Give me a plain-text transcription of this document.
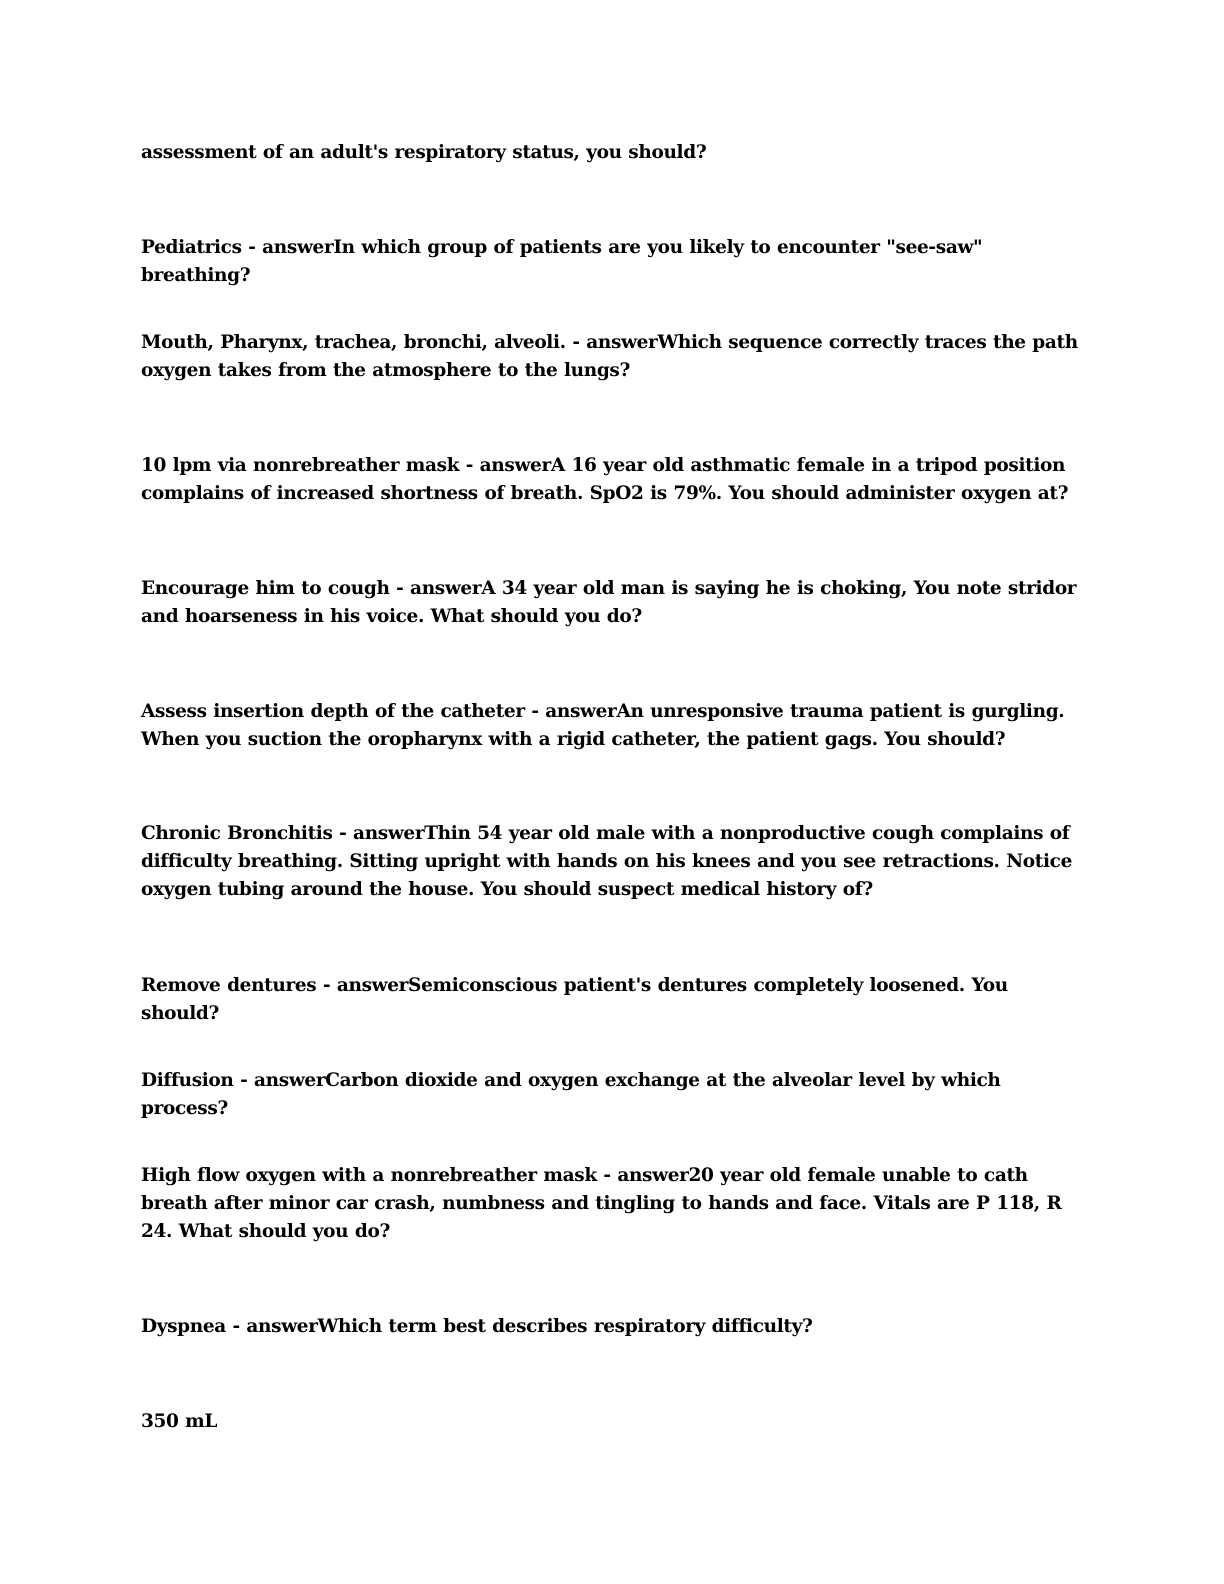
assessment of an adult's respiratory status, you should?

Pediatrics - answerIn which group of patients are you likely to encounter "see-saw" breathing?

Mouth, Pharynx, trachea, bronchi, alveoli. - answerWhich sequence correctly traces the path oxygen takes from the atmosphere to the lungs?

10 lpm via nonrebreather mask - answerA 16 year old asthmatic female in a tripod position complains of increased shortness of breath. SpO2 is 79%. You should administer oxygen at?

Encourage him to cough - answerA 34 year old man is saying he is choking, You note stridor and hoarseness in his voice. What should you do?

Assess insertion depth of the catheter - answerAn unresponsive trauma patient is gurgling. When you suction the oropharynx with a rigid catheter, the patient gags. You should?

Chronic Bronchitis - answerThin 54 year old male with a nonproductive cough complains of difficulty breathing. Sitting upright with hands on his knees and you see retractions. Notice oxygen tubing around the house. You should suspect medical history of?

Remove dentures - answerSemiconscious patient's dentures completely loosened. You should?

Diffusion - answerCarbon dioxide and oxygen exchange at the alveolar level by which process?

High flow oxygen with a nonrebreather mask - answer20 year old female unable to cath breath after minor car crash, numbness and tingling to hands and face. Vitals are P 118, R 24. What should you do?

Dyspnea - answerWhich term best describes respiratory difficulty?

350 mL
